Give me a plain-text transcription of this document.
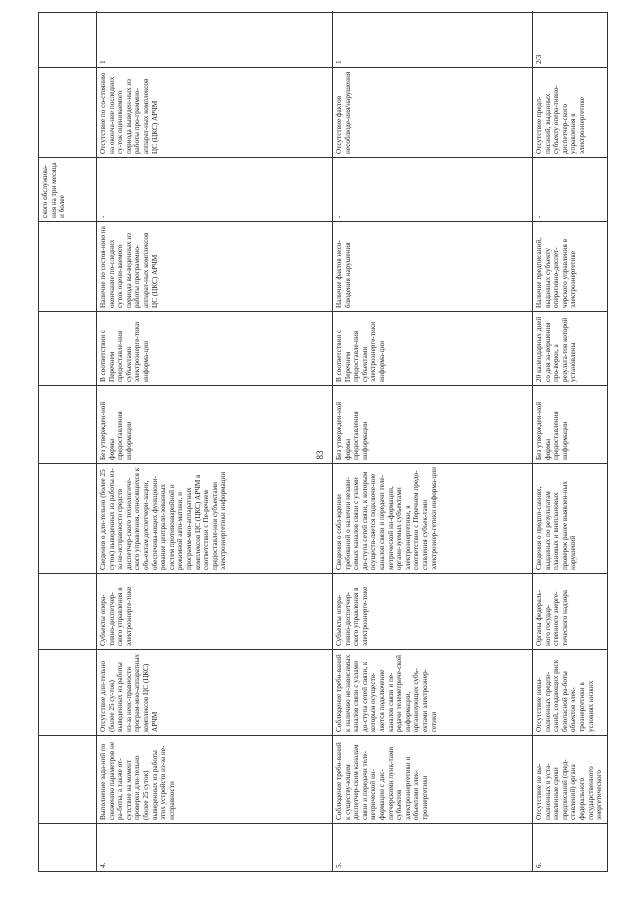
83
ского обслужива-ния на три месяца и более
4.
Выполнение зада-ний по снижению параметров не ра-боты, а также от-сутствие на момент проверки дли-тельно (более 25 суток) выведенных из работы этих устройств из-за не-исправности
Отсутствие дли-тельно (более 25 су-ток) выведенных из работы из-за неис-правности програм-мно-аппаратных комплексов ЦС (ЦКС) АРЧМ
Субъекты опера-тивно-диспетчер-ского управления в электроэнерге-тике
Сведения о дли-тельно (более 25 суток) выведенных из работы из-за не-исправности средств диспетчер-ского технологиче-ского управления, относящихся к объ-ектам диспетчери-зации, обеспечива-ющих функциони-рование централи-зованных систем противоаварийной и режимной авто-матики, и программ-мно-аппаратных комплексов ЦС (ЦКС) АРЧМ в соответствии с Пе-речнем предоставле-ния субъектами электроэнергетики информации
Без утвержден-ной формы предоставления информации
В соответствии с Перечнем предоставле-ния субъектами электроэнерге-тики информа-ции
Наличие по состоя-нию на окончание по-следних суток оцени-ваемого периода вы-веденных из работы программно-аппарат-ных комплексов ЦС (ЦКС) АРЧМ
-
Отсутствие по со-стоянию на оконча-ние последних су-ток оцениваемого периода выведен-ных из работы про-граммно-аппарат-ных комплексов ЦС (ЦКС) АРЧМ
1
5.
Соблюдение требо-ваний к существу-ющим диспетчер-ским каналам связи и передачи теле-метрической ин-формации с дис-петчерскими пунк-тами субъектов электроэнергетики и объектами элек-троэнергетики
Соблюдение требо-ваний к наличию не-зависимых каналов связи с узлами до-ступа сетей связи, к которым осуществ-ляется подключение каналов связи и пе-редачи телеметриче-ской информации, организующих субъ-ектами электроэнер-гетики
Субъекты опера-тивно-диспетчер-ского управления в электроэнерге-тике
Сведения о собл-юдении требований о наличии незави-симых каналов связи с узлами до-ступа сетей связи, к которым осуществ-ляется подключе-ние каналов связи и передачи теле-метрической ин-формации, органи-зуемых субъектами электроэнергетики, в соответствии с Перечнем предо-ставления субъек-тами электроэнер-гетики информа-ции
Без утвержден-ной формы предоставления информации
В соответствии с Перечнем предоставле-ния субъектами электроэнерге-тики информа-ции
Наличие фактов несо-блюдения нарушения
-
Отсутствие фактов несоблюде-ния/нарушения
1
6.
Отсутствие не вы-полненных в уста-новленные сроки предписаний (пред-ставлений) органа федерального государственного энергетического
Отсутствие невы-полненных предпи-саний, создающих риск безопасной ра-боты объектов элек-троэнергетики в условиях низких
Органы федераль-ного государ-ственного энерге-тического надзора
Сведения о предпи-саниях, выданных по результатам плановых и внеплановых проверок ранее выявлен-ных нарушений
Без утвержден-ной формы предоставления информации
20 календарных дней со дня за-вершения про-верки, а результа-тов которой установлены
Наличие предписаний, выданных субъекту оперативно-диспет-черского управления в электроэнергетике
-
Отсутствие предп-писаний, выданных субъекту опера-тивно-диспетчер-ского управления в электроэнергетике
2/3
